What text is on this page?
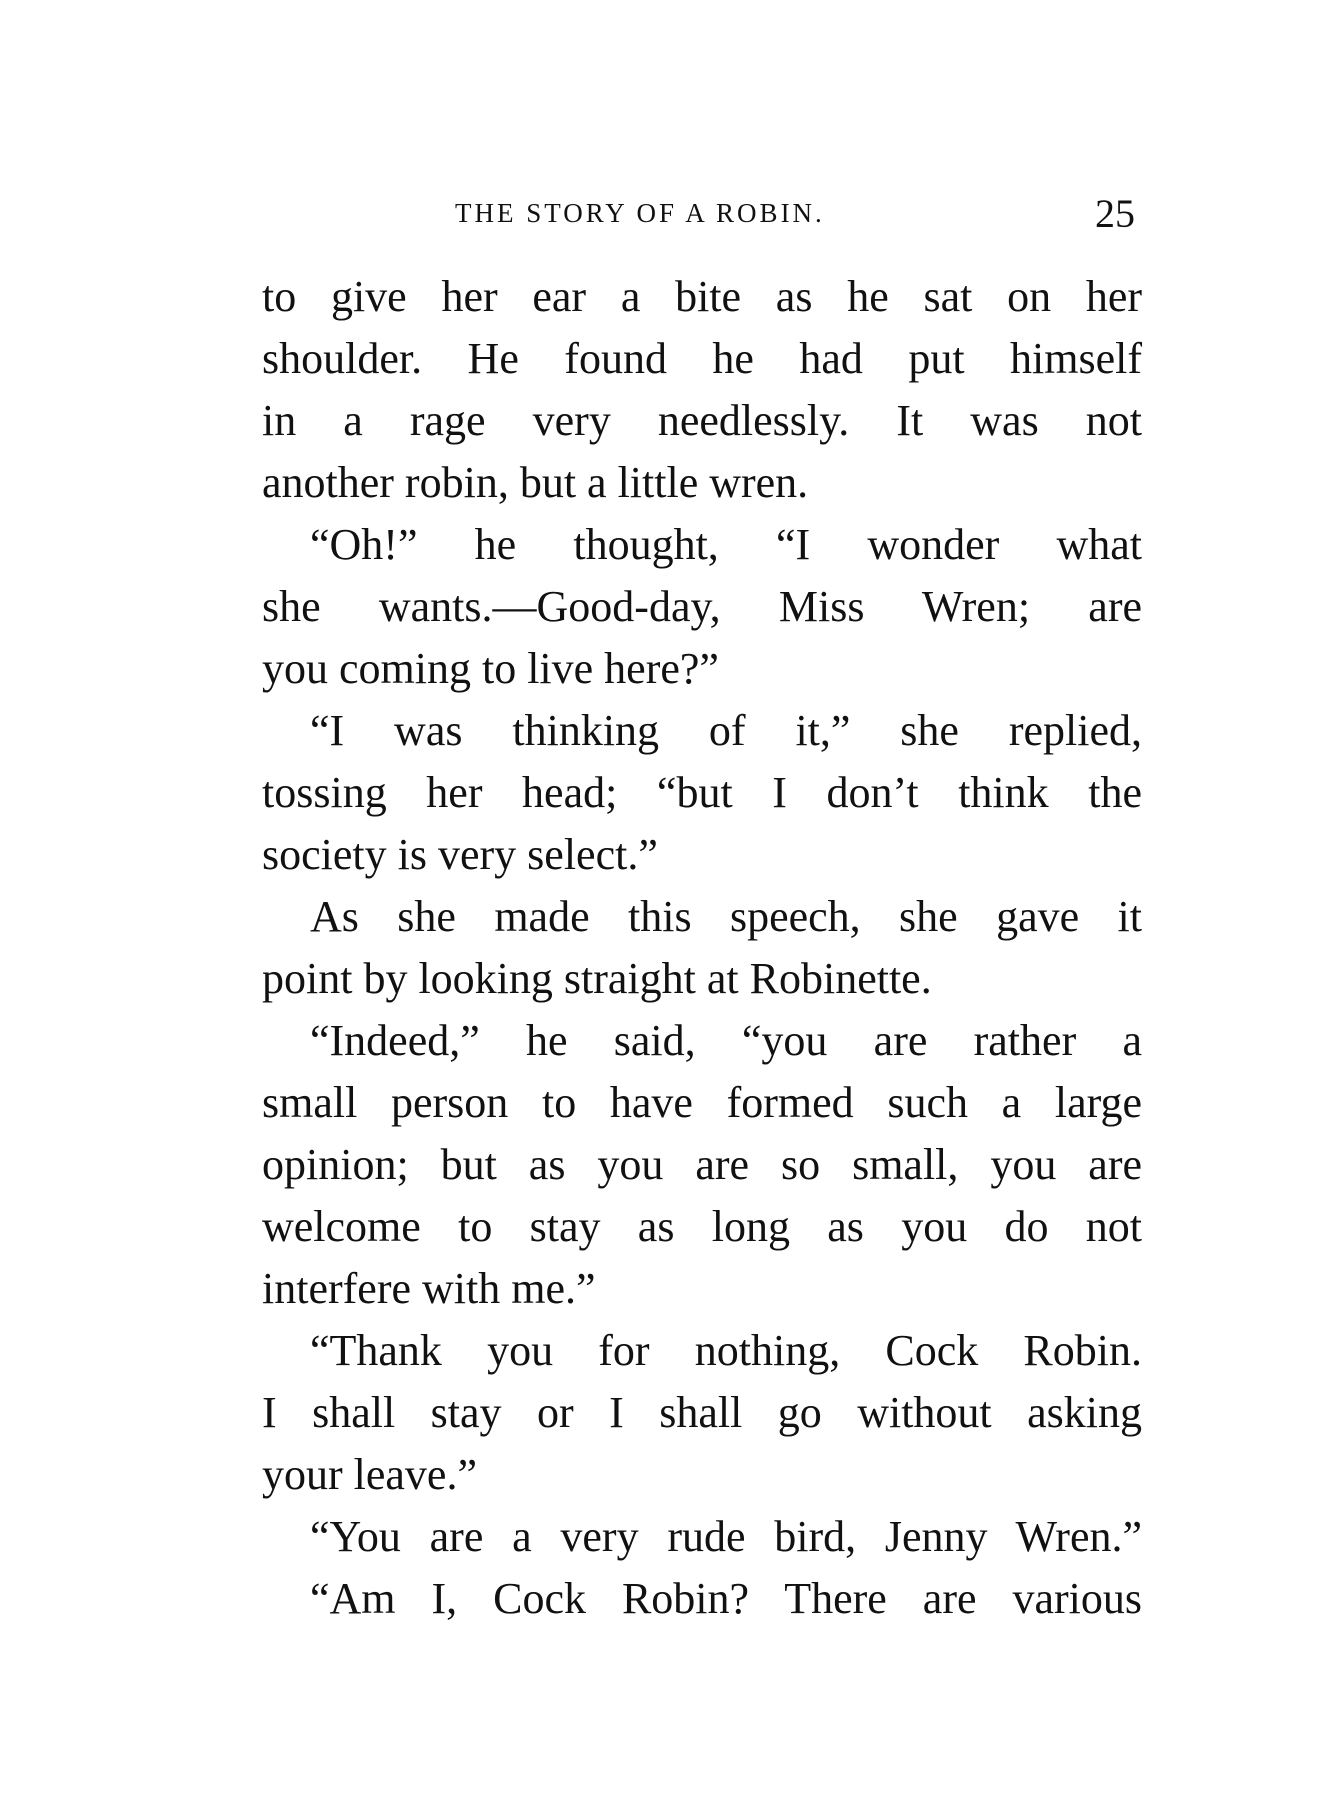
THE STORY OF A ROBIN.	25
to give her ear a bite as he sat on her
shoulder. He found he had put himself
in a rage very needlessly. It was not
another robin, but a little wren.
“Oh!” he thought, “I wonder what
she wants.—Good-day, Miss Wren; are
you coming to live here?”
“I was thinking of it,” she replied,
tossing her head; “but I don’t think the
society is very select.”
As she made this speech, she gave it
point by looking straight at Robinette.
“Indeed,” he said, “you are rather a
small person to have formed such a large
opinion; but as you are so small, you are
welcome to stay as long as you do not
interfere with me.”
“Thank you for nothing, Cock Robin.
I shall stay or I shall go without asking
your leave.”
“You are a very rude bird, Jenny Wren.”
“Am I, Cock Robin? There are various
